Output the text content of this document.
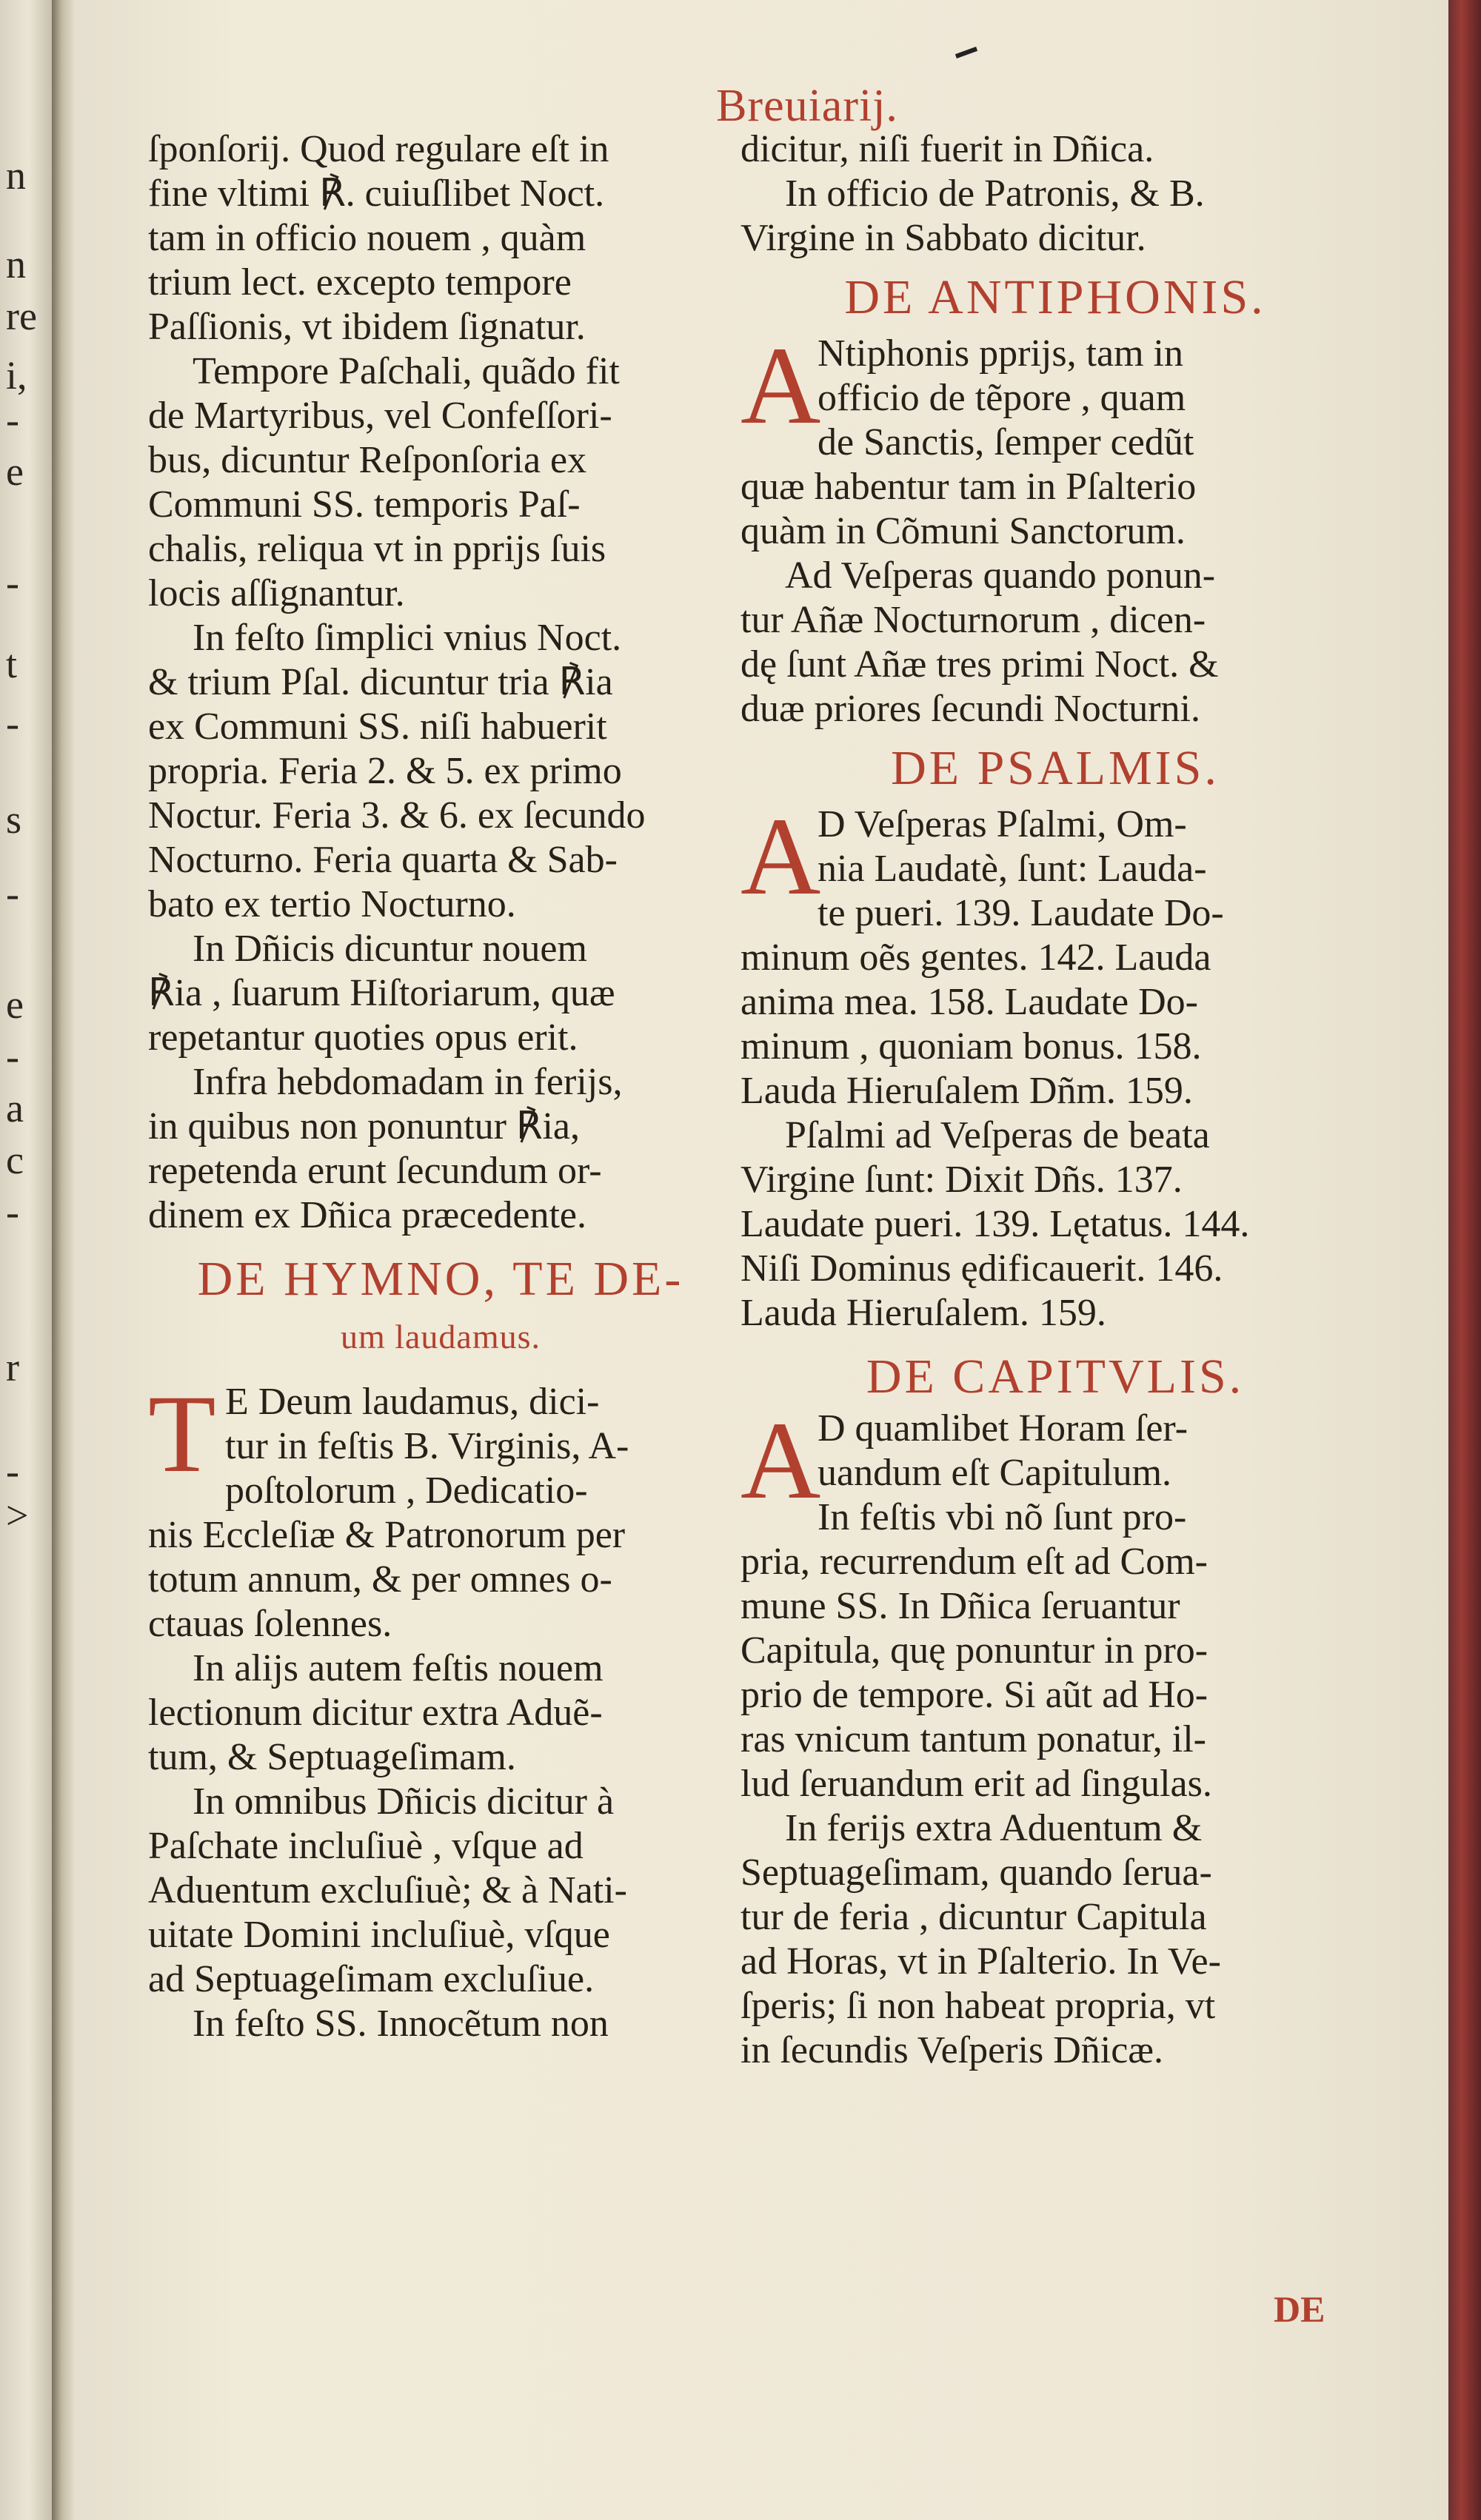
n
n
re
i,
-
e
-
t
-
s
-
e
-
a
c
-
r
-
>
Breuiarij.
ſponſorij. Quod regulare eſt in
fine vltimi ℟. cuiuſlibet Noct.
tam in officio nouem , quàm
trium lect. excepto tempore
Paſſionis, vt ibidem ſignatur.
Tempore Paſchali, quãdo fit
de Martyribus, vel Confeſſori-
bus, dicuntur Reſponſoria ex
Communi SS. temporis Paſ-
chalis, reliqua vt in pprijs ſuis
locis aſſignantur.
In feſto ſimplici vnius Noct.
& trium Pſal. dicuntur tria ℟ia
ex Communi SS. niſi habuerit
propria. Feria 2. & 5. ex primo
Noctur. Feria 3. & 6. ex ſecundo
Nocturno. Feria quarta & Sab-
bato ex tertio Nocturno.
In Dñicis dicuntur nouem
℟ia , ſuarum Hiſtoriarum, quæ
repetantur quoties opus erit.
Infra hebdomadam in ferijs,
in quibus non ponuntur ℟ia,
repetenda erunt ſecundum or-
dinem ex Dñica præcedente.
DE HYMNO, TE DE-
um laudamus.
T E Deum laudamus, dici-
tur in feſtis B. Virginis, A-
poſtolorum , Dedicatio-
nis Eccleſiæ & Patronorum per
totum annum, & per omnes o-
ctauas ſolennes.
In alijs autem feſtis nouem
lectionum dicitur extra Aduẽ-
tum, & Septuageſimam.
In omnibus Dñicis dicitur à
Paſchate incluſiuè , vſque ad
Aduentum excluſiuè; & à Nati-
uitate Domini incluſiuè, vſque
ad Septuageſimam excluſiue.
In feſto SS. Innocẽtum non
dicitur, niſi fuerit in Dñica.
In officio de Patronis, & B.
Virgine in Sabbato dicitur.
DE ANTIPHONIS.
A
Ntiphonis pprijs, tam in
officio de tẽpore , quam
de Sanctis, ſemper cedũt
quæ habentur tam in Pſalterio
quàm in Cõmuni Sanctorum.
Ad Veſperas quando ponun-
tur Añæ Nocturnorum , dicen-
dę ſunt Añæ tres primi Noct. &
duæ priores ſecundi Nocturni.
DE PSALMIS.
A
D Veſperas Pſalmi, Om-
nia Laudatè, ſunt: Lauda-
te pueri. 139. Laudate Do-
minum oẽs gentes. 142. Lauda
anima mea. 158. Laudate Do-
minum , quoniam bonus. 158.
Lauda Hieruſalem Dñm. 159.
Pſalmi ad Veſperas de beata
Virgine ſunt: Dixit Dñs. 137.
Laudate pueri. 139. Lętatus. 144.
Niſi Dominus ędificauerit. 146.
Lauda Hieruſalem. 159.
DE CAPITVLIS.
A
D quamlibet Horam ſer-
uandum eſt Capitulum.
In feſtis vbi nõ ſunt pro-
pria, recurrendum eſt ad Com-
mune SS. In Dñica ſeruantur
Capitula, quę ponuntur in pro-
prio de tempore. Si aũt ad Ho-
ras vnicum tantum ponatur, il-
lud ſeruandum erit ad ſingulas.
In ferijs extra Aduentum &
Septuageſimam, quando ſerua-
tur de feria , dicuntur Capitula
ad Horas, vt in Pſalterio. In Ve-
ſperis; ſi non habeat propria, vt
in ſecundis Veſperis Dñicæ.
DE
